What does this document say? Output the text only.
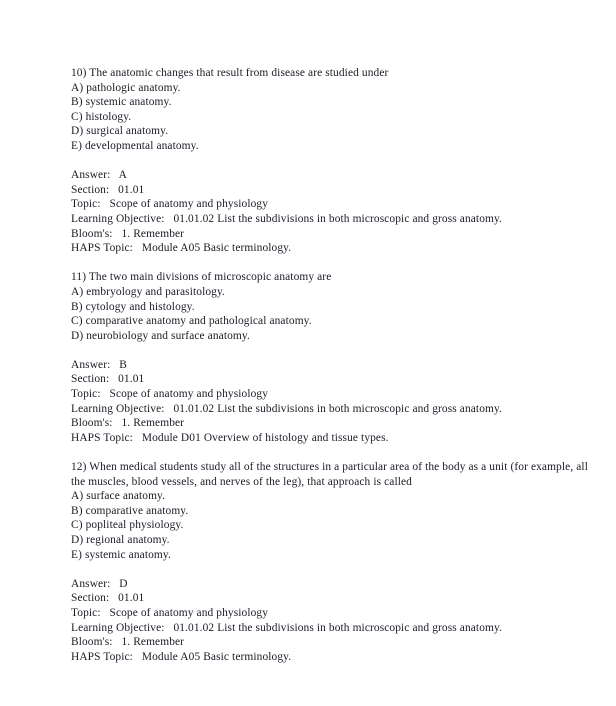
10) The anatomic changes that result from disease are studied under

A) pathologic anatomy.

B) systemic anatomy.

C) histology.

D) surgical anatomy.

E) developmental anatomy.

Answer:   A

Section:   01.01

Topic:   Scope of anatomy and physiology

Learning Objective:   01.01.02 List the subdivisions in both microscopic and gross anatomy.

Bloom's:   1. Remember

HAPS Topic:   Module A05 Basic terminology.

11) The two main divisions of microscopic anatomy are

A) embryology and parasitology.

B) cytology and histology.

C) comparative anatomy and pathological anatomy.

D) neurobiology and surface anatomy.

Answer:   B

Section:   01.01

Topic:   Scope of anatomy and physiology

Learning Objective:   01.01.02 List the subdivisions in both microscopic and gross anatomy.

Bloom's:   1. Remember

HAPS Topic:   Module D01 Overview of histology and tissue types.

12) When medical students study all of the structures in a particular area of the body as a unit (for example, all the muscles, blood vessels, and nerves of the leg), that approach is called

A) surface anatomy.

B) comparative anatomy.

C) popliteal physiology.

D) regional anatomy.

E) systemic anatomy.

Answer:   D

Section:   01.01

Topic:   Scope of anatomy and physiology

Learning Objective:   01.01.02 List the subdivisions in both microscopic and gross anatomy.

Bloom's:   1. Remember

HAPS Topic:   Module A05 Basic terminology.
